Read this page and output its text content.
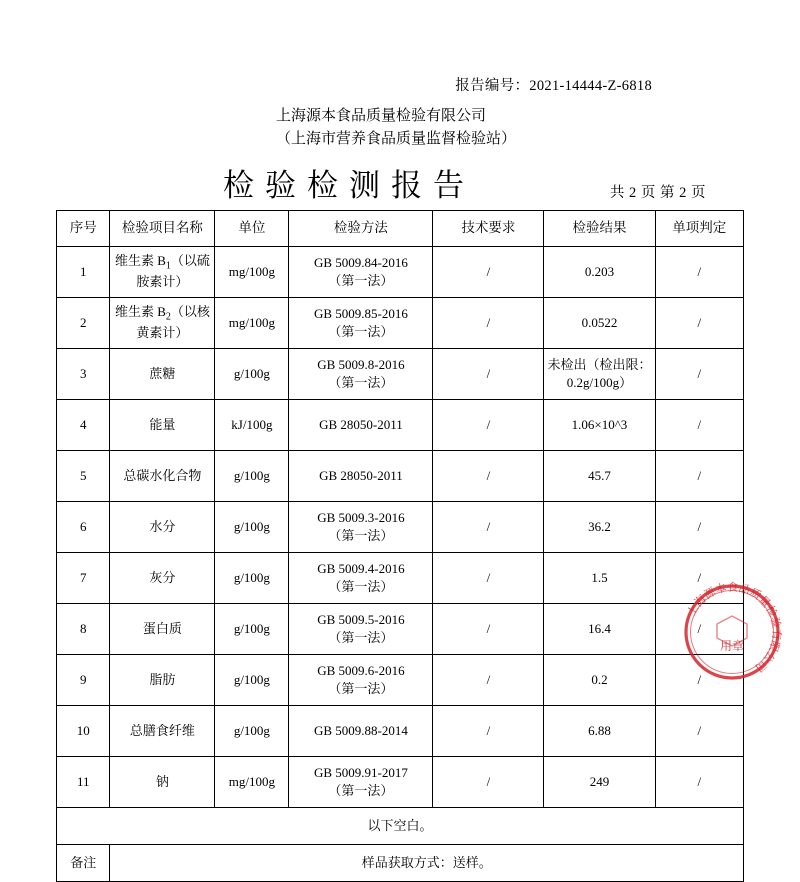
报告编号：2021-14444-Z-6818
上海源本食品质量检验有限公司
（上海市营养食品质量监督检验站）
检验检测报告	共 2 页 第 2 页
序号	检验项目名称	单位	检验方法	技术要求	检验结果	单项判定
1	维生素 $B_1$（以硫
胺素计）	mg/100g	GB 5009.84-2016
（第一法）	/	0.203	/
2	维生素 $B_2$（以核
黄素计）	mg/100g	GB 5009.85-2016
（第一法）	/	0.0522	/
3	蔗糖	g/100g	GB 5009.8-2016
（第一法）	/	未检出（检出限：0.2g/100g）	/
4	能量	kJ/100g	GB 28050-2011	/	1.06×10^3	/
5	总碳水化合物	g/100g	GB 28050-2011	/	45.7	/
6	水分	g/100g	GB 5009.3-2016
（第一法）	/	36.2	/
7	灰分	g/100g	GB 5009.4-2016
（第一法）	/	1.5	/
8	蛋白质	g/100g	GB 5009.5-2016
（第一法）	/	16.4	/
9	脂肪	g/100g	GB 5009.6-2016
（第一法）	/	0.2	/
10	总膳食纤维	g/100g	GB 5009.88-2014	/	6.88	/
11	钠	mg/100g	GB 5009.91-2017
（第一法）	/	249	/
以下空白。						
备注	样品获取方式：送样。					
上海源本食品质量检验有限公司
用章
